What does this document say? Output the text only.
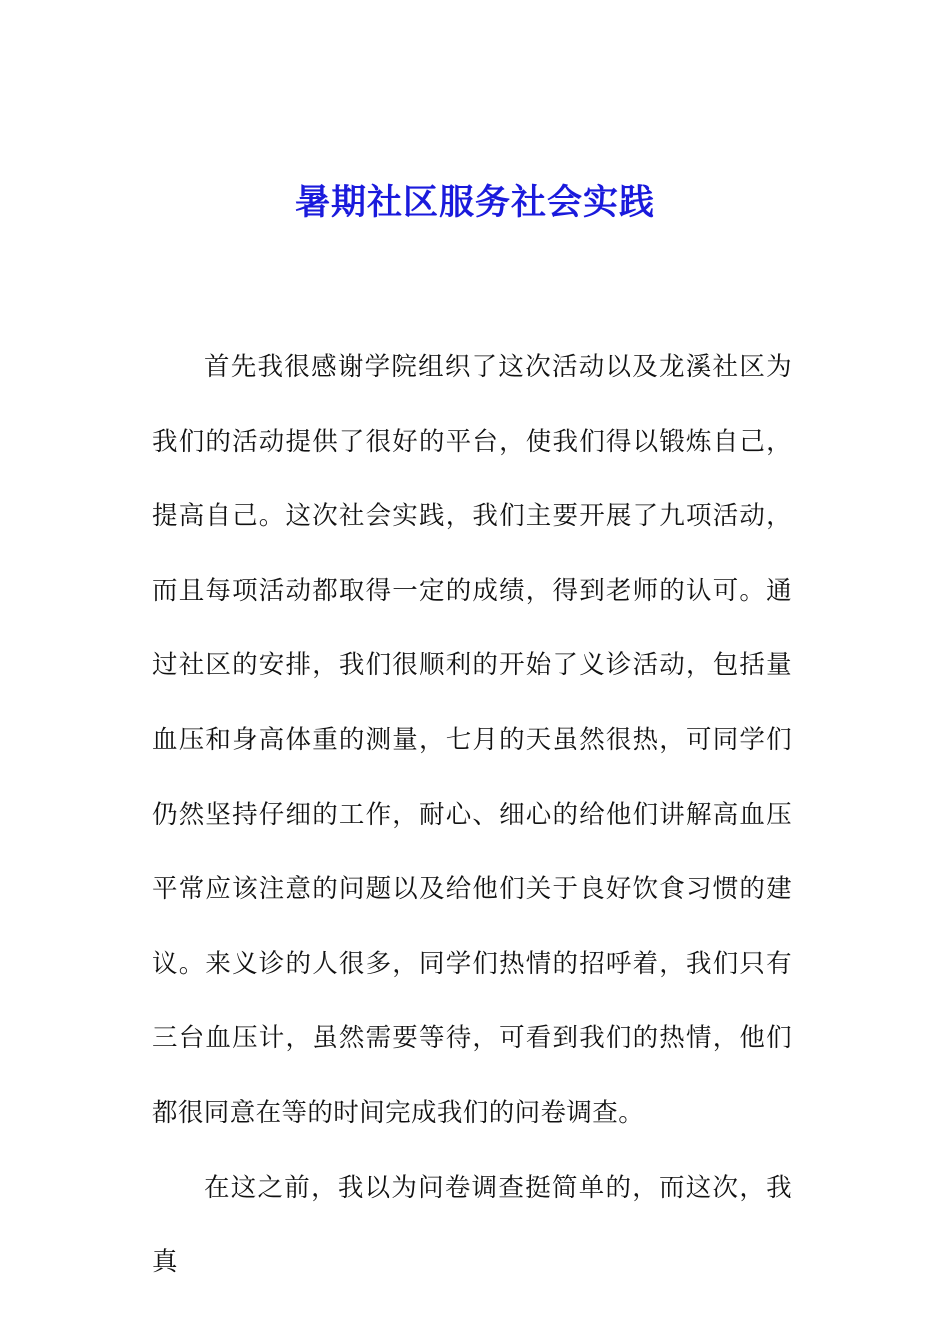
暑期社区服务社会实践

首先我很感谢学院组织了这次活动以及龙溪社区为我们的活动提供了很好的平台，使我们得以锻炼自己，提高自己。这次社会实践，我们主要开展了九项活动，而且每项活动都取得一定的成绩，得到老师的认可。通过社区的安排，我们很顺利的开始了义诊活动，包括量血压和身高体重的测量，七月的天虽然很热，可同学们仍然坚持仔细的工作，耐心、细心的给他们讲解高血压平常应该注意的问题以及给他们关于良好饮食习惯的建议。来义诊的人很多，同学们热情的招呼着，我们只有三台血压计，虽然需要等待，可看到我们的热情，他们都很同意在等的时间完成我们的问卷调查。

在这之前，我以为问卷调查挺简单的，而这次，我真
